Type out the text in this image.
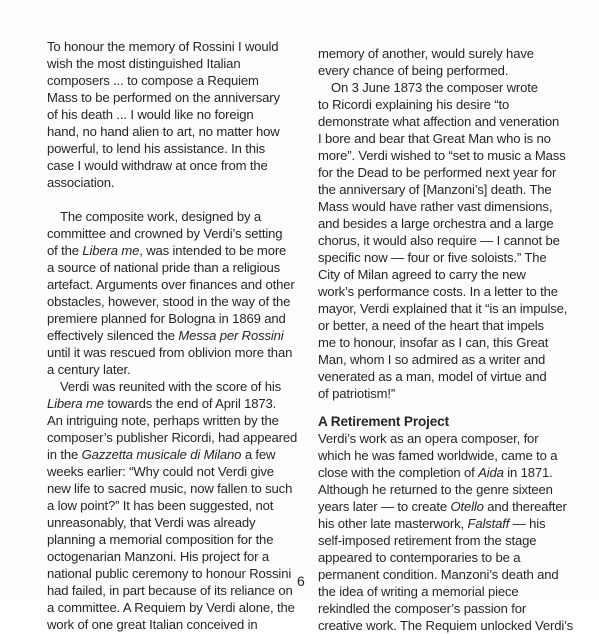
To honour the memory of Rossini I would
wish the most distinguished Italian
composers ... to compose a Requiem
Mass to be performed on the anniversary
of his death ... I would like no foreign
hand, no hand alien to art, no matter how
powerful, to lend his assistance. In this
case I would withdraw at once from the
association.
The composite work, designed by a
committee and crowned by Verdi’s setting
of the Libera me, was intended to be more
a source of national pride than a religious
artefact. Arguments over finances and other
obstacles, however, stood in the way of the
premiere planned for Bologna in 1869 and
effectively silenced the Messa per Rossini
until it was rescued from oblivion more than
a century later.
Verdi was reunited with the score of his
Libera me towards the end of April 1873.
An intriguing note, perhaps written by the
composer’s publisher Ricordi, had appeared
in the Gazzetta musicale di Milano a few
weeks earlier: “Why could not Verdi give
new life to sacred music, now fallen to such
a low point?” It has been suggested, not
unreasonably, that Verdi was already
planning a memorial composition for the
octogenarian Manzoni. His project for a
national public ceremony to honour Rossini
had failed, in part because of its reliance on
a committee. A Requiem by Verdi alone, the
work of one great Italian conceived in
memory of another, would surely have
every chance of being performed.
On 3 June 1873 the composer wrote
to Ricordi explaining his desire “to
demonstrate what affection and veneration
I bore and bear that Great Man who is no
more”. Verdi wished to “set to music a Mass
for the Dead to be performed next year for
the anniversary of [Manzoni’s] death. The
Mass would have rather vast dimensions,
and besides a large orchestra and a large
chorus, it would also require — I cannot be
specific now — four or five soloists.” The
City of Milan agreed to carry the new
work’s performance costs. In a letter to the
mayor, Verdi explained that it “is an impulse,
or better, a need of the heart that impels
me to honour, insofar as I can, this Great
Man, whom I so admired as a writer and
venerated as a man, model of virtue and
of patriotism!”
A Retirement Project
Verdi’s work as an opera composer, for
which he was famed worldwide, came to a
close with the completion of Aida in 1871.
Although he returned to the genre sixteen
years later — to create Otello and thereafter
his other late masterwork, Falstaff — his
self-imposed retirement from the stage
appeared to contemporaries to be a
permanent condition. Manzoni’s death and
the idea of writing a memorial piece
rekindled the composer’s passion for
creative work. The Requiem unlocked Verdi’s
6
